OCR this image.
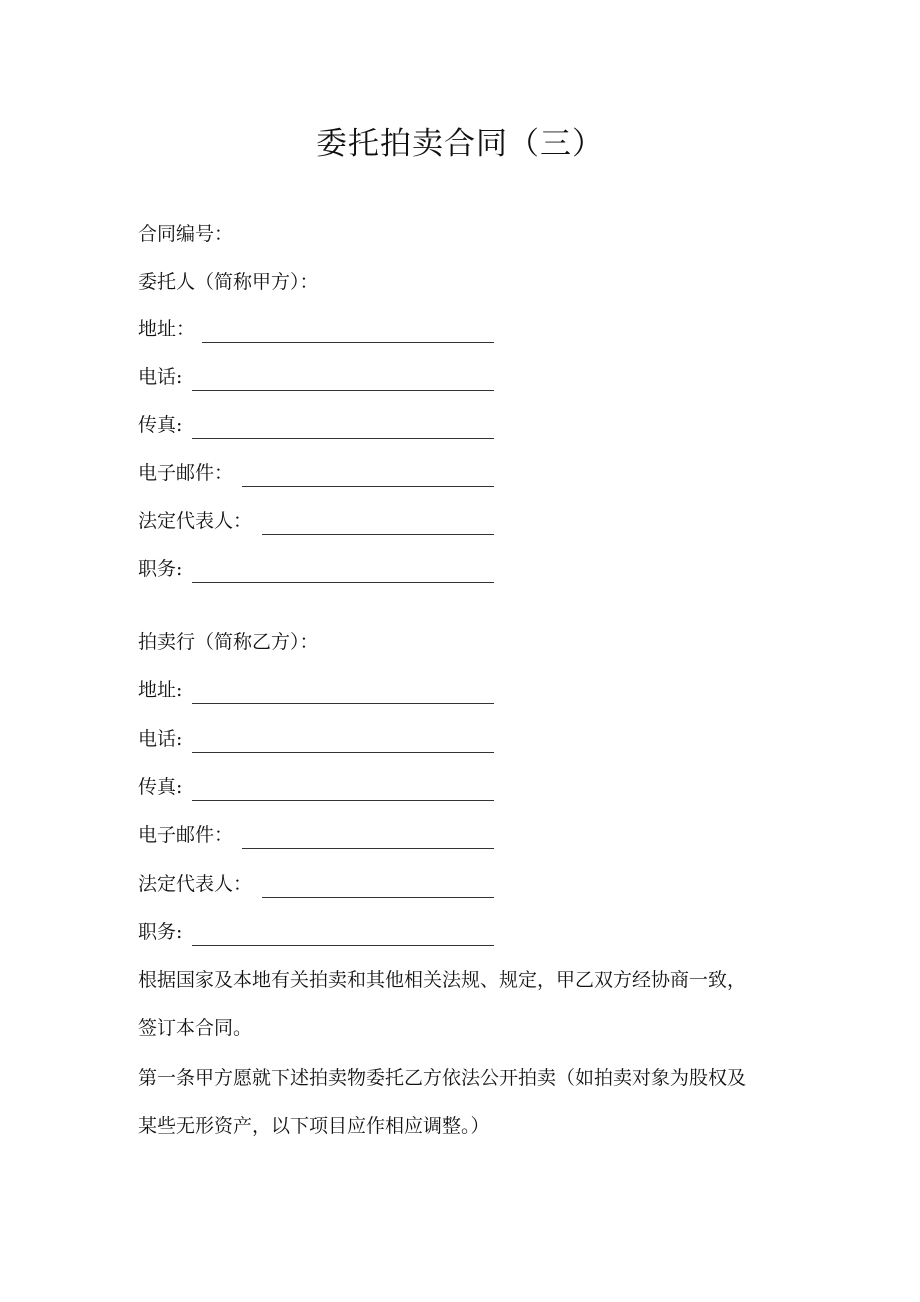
委托拍卖合同（三）
合同编号：
委托人（简称甲方）：
地址：
电话:
传真:
电子邮件：
法定代表人：
职务:
拍卖行（简称乙方）：
地址:
电话:
传真:
电子邮件：
法定代表人：
职务:
根据国家及本地有关拍卖和其他相关法规、规定，甲乙双方经协商一致，
签订本合同。
第一条甲方愿就下述拍卖物委托乙方依法公开拍卖（如拍卖对象为股权及
某些无形资产，以下项目应作相应调整。）
